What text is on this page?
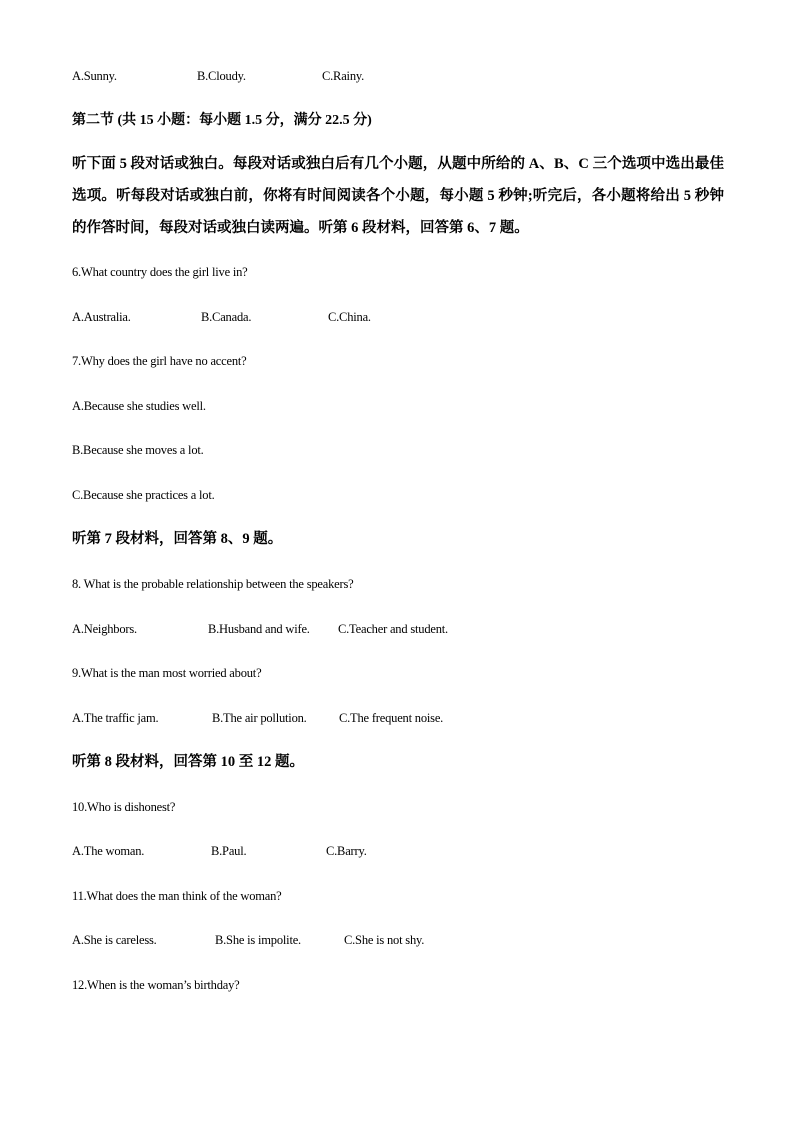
A.Sunny.	B.Cloudy.	C.Rainy.
第二节 (共 15 小题：每小题 1.5 分，满分 22.5 分)
听下面 5 段对话或独白。每段对话或独白后有几个小题，从题中所给的 A、B、C 三个选项中选出最佳选项。听每段对话或独白前，你将有时间阅读各个小题，每小题 5 秒钟;听完后，各小题将给出 5 秒钟的作答时间，每段对话或独白读两遍。听第 6 段材料，回答第 6、7 题。
6.What country does the girl live in?
A.Australia.	B.Canada.	C.China.
7.Why does the girl have no accent?
A.Because she studies well.
B.Because she moves a lot.
C.Because she practices a lot.
听第 7 段材料，回答第 8、9 题。
8. What is the probable relationship between the speakers?
A.Neighbors.	B.Husband and wife. C.Teacher and student.
9.What is the man most worried about?
A.The traffic jam.	B.The air pollution.	C.The frequent noise.
听第 8 段材料，回答第 10 至 12 题。
10.Who is dishonest?
A.The woman.	B.Paul.	C.Barry.
11.What does the man think of the woman?
A.She is careless.	B.She is impolite.	C.She is not shy.
12.When is the woman’s birthday?
